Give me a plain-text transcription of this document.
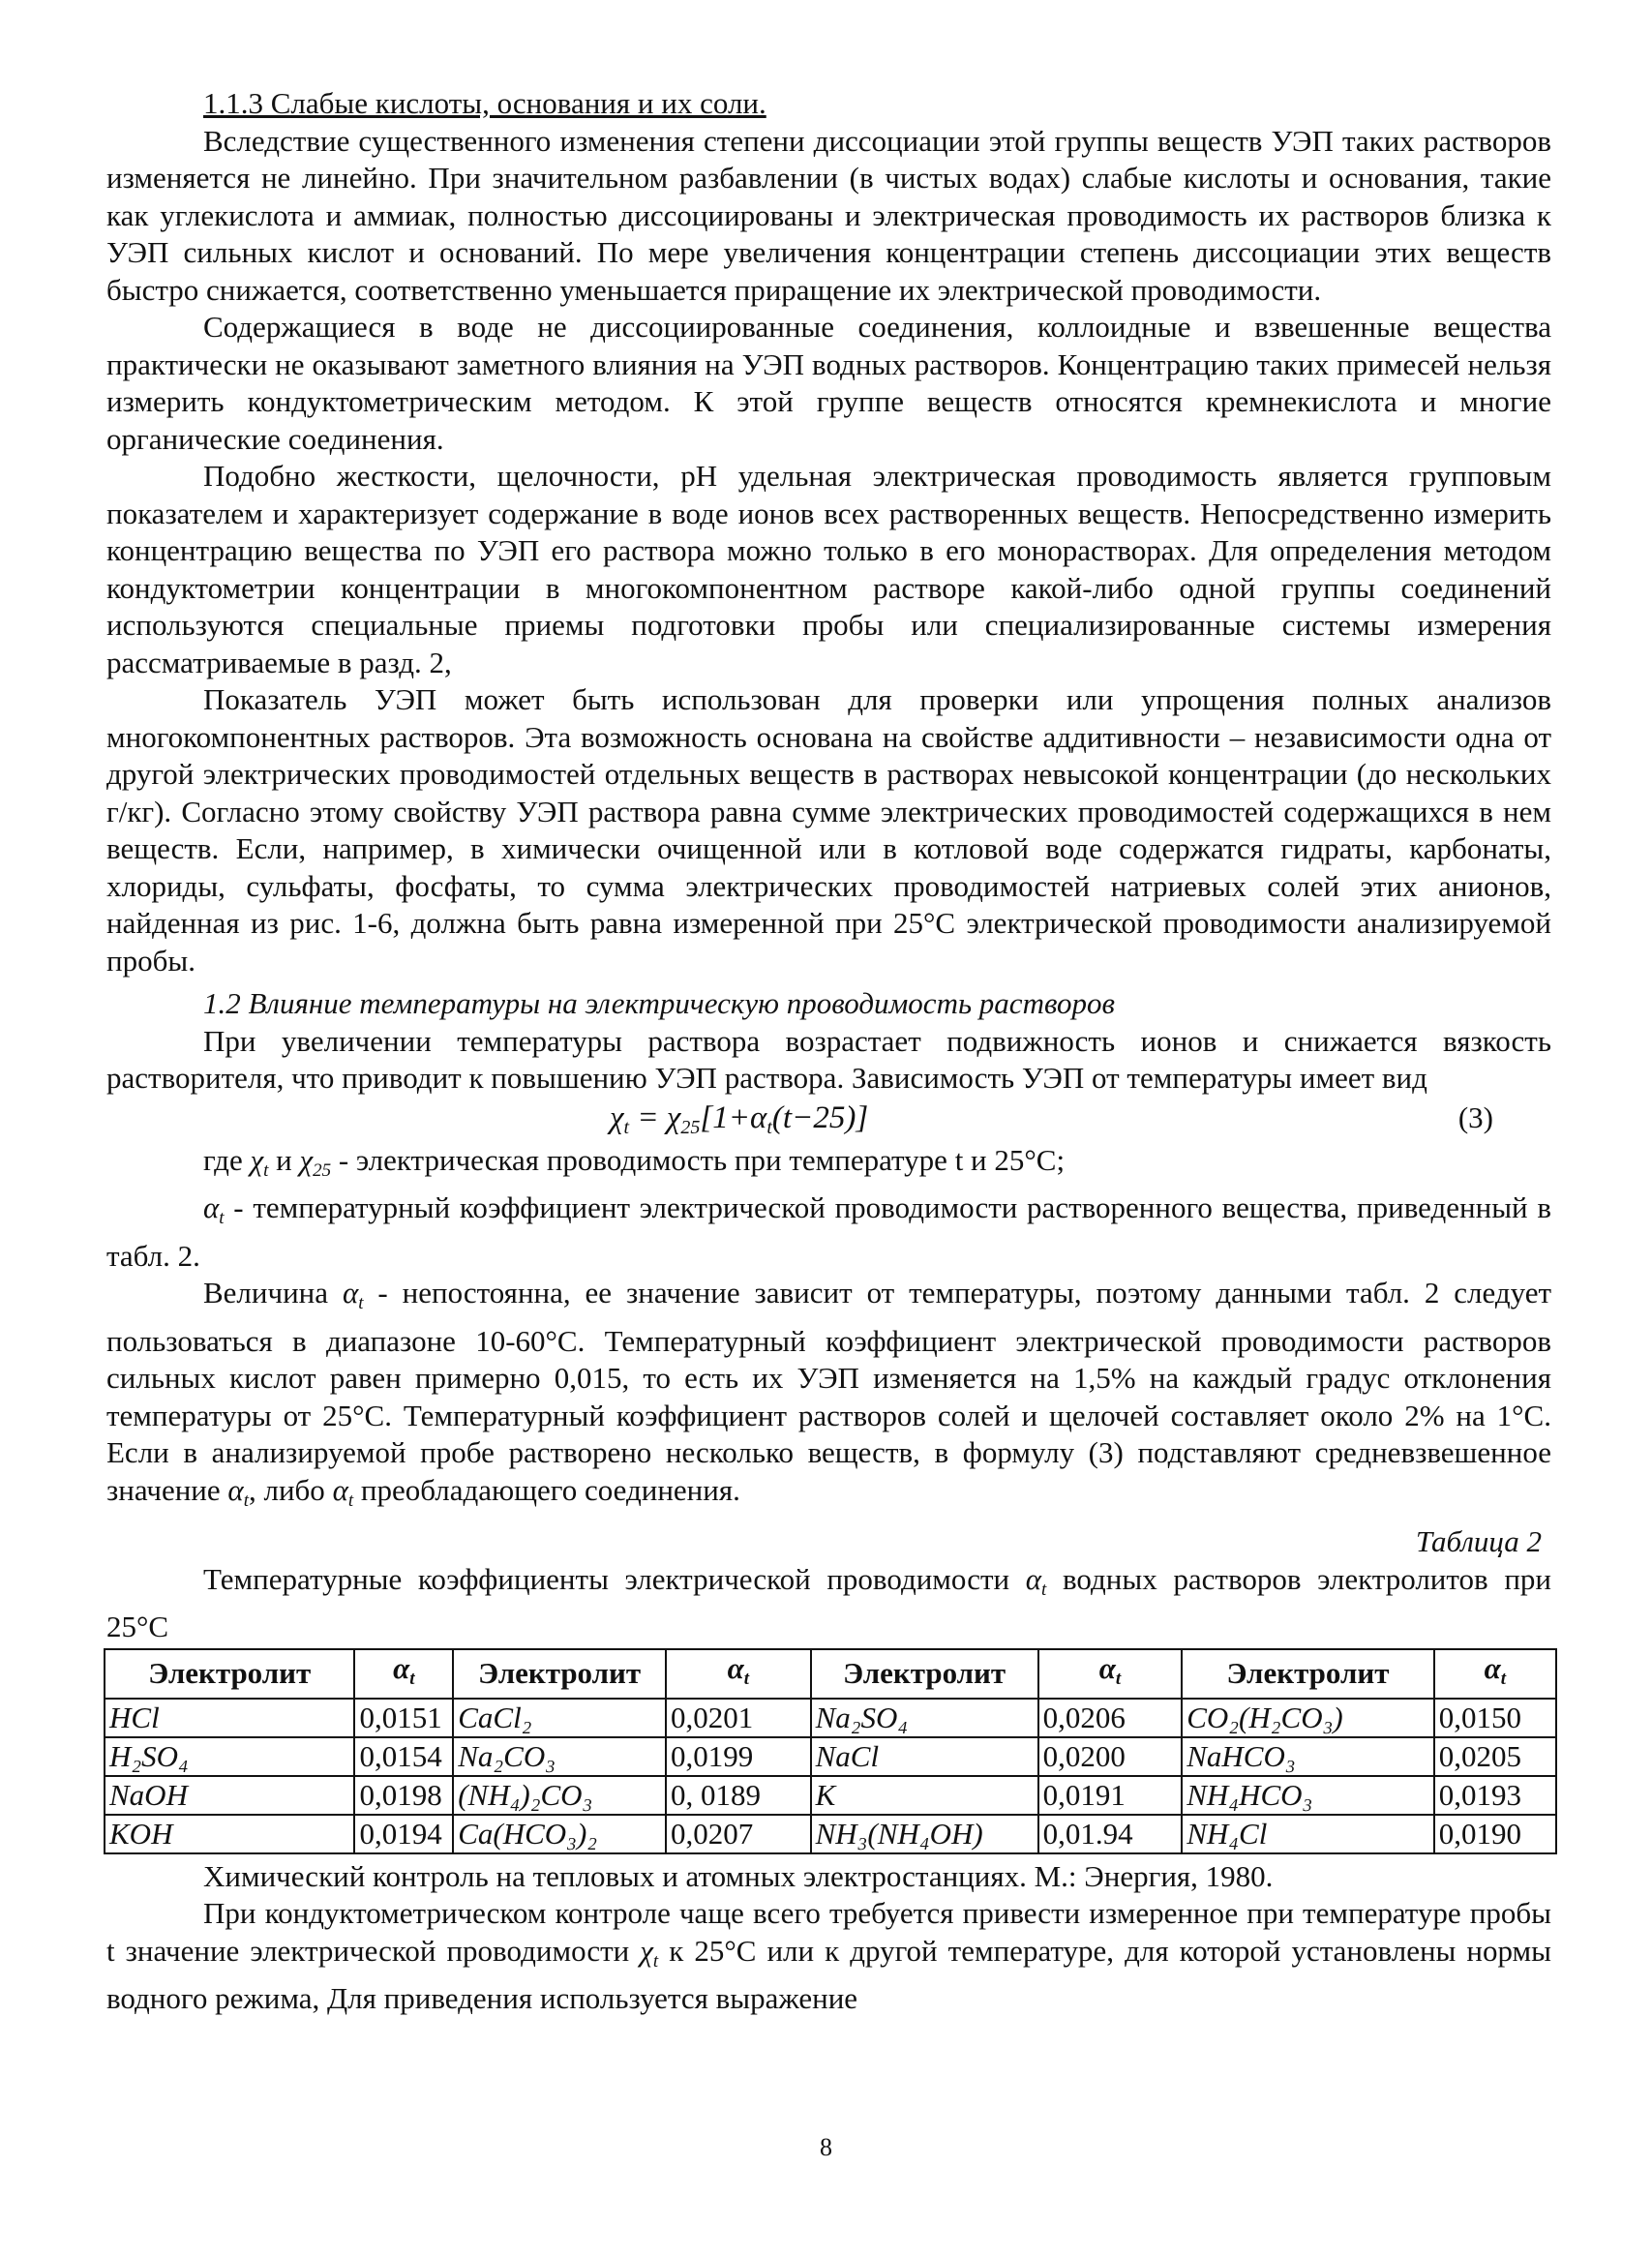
1.1.3 Слабые кислоты, основания и их соли.

Вследствие существенного изменения степени диссоциации этой группы веществ УЭП таких растворов изменяется не линейно. При значительном разбавлении (в чистых водах) слабые кислоты и основания, такие как углекислота и аммиак, полностью диссоциированы и электрическая проводимость их растворов близка к УЭП сильных кислот и оснований. По мере увеличения концентрации степень диссоциации этих веществ быстро снижается, соответственно уменьшается приращение их электрической проводимости.

Содержащиеся в воде не диссоциированные соединения, коллоидные и взвешенные вещества практически не оказывают заметного влияния на УЭП водных растворов. Концентрацию таких примесей нельзя измерить кондуктометрическим методом. К этой группе веществ относятся кремнекислота и многие органические соединения.

Подобно жесткости, щелочности, pH удельная электрическая проводимость является групповым показателем и характеризует содержание в воде ионов всех растворенных веществ. Непосредственно измерить концентрацию вещества по УЭП его раствора можно только в его монорастворах. Для определения методом кондуктометрии концентрации в многокомпонентном растворе какой-либо одной группы соединений используются специальные приемы подготовки пробы или специализированные системы измерения рассматриваемые в разд. 2,

Показатель УЭП может быть использован для проверки или упрощения полных анализов многокомпонентных растворов. Эта возможность основана на свойстве аддитивности – независимости одна от другой электрических проводимостей отдельных веществ в растворах невысокой концентрации (до нескольких г/кг). Согласно этому свойству УЭП раствора равна сумме электрических проводимостей содержащихся в нем веществ. Если, например, в химически очищенной или в котловой воде содержатся гидраты, карбонаты, хлориды, сульфаты, фосфаты, то сумма электрических проводимостей натриевых солей этих анионов, найденная из рис. 1-6, должна быть равна измеренной при 25°С электрической проводимости анализируемой пробы.

1.2 Влияние температуры на электрическую проводимость растворов

При увеличении температуры раствора возрастает подвижность ионов и снижается вязкость растворителя, что приводит к повышению УЭП раствора. Зависимость УЭП от температуры имеет вид

$\chi_t = \chi_{25}[1+\alpha_t(t-25)]$	(3)

где χt и χ25 - электрическая проводимость при температуре t и 25°С;

αt - температурный коэффициент электрической проводимости растворенного вещества, приведенный в табл. 2.

Величина αt - непостоянна, ее значение зависит от температуры, поэтому данными табл. 2 следует пользоваться в диапазоне 10-60°С. Температурный коэффициент электрической проводимости растворов сильных кислот равен примерно 0,015, то есть их УЭП изменяется на 1,5% на каждый градус отклонения температуры от 25°С. Температурный коэффициент растворов солей и щелочей составляет около 2% на 1°С. Если в анализируемой пробе растворено несколько веществ, в формулу (3) подставляют средневзвешенное значение αt, либо αt преобладающего соединения.

Таблица 2

Температурные коэффициенты электрической проводимости αt водных растворов электролитов при 25°С

Электролит	αt	Электролит	αt	Электролит	αt	Электролит	αt
HCl	0,0151	CaCl₂	0,0201	Na₂SO₄	0,0206	CO₂(H₂CO₃)	0,0150
H₂SO₄	0,0154	Na₂CO₃	0,0199	NaCl	0,0200	NaHCO₃	0,0205
NaOH	0,0198	(NH₄)₂CO₃	0, 0189	K	0,0191	NH₄HCO₃	0,0193
KOH	0,0194	Ca(HCO₃)₂	0,0207	NH₃(NH₄OH)	0,01.94	NH₄Cl	0,0190

Химический контроль на тепловых и атомных электростанциях. М.: Энергия, 1980.

При кондуктометрическом контроле чаще всего требуется привести измеренное при температуре пробы t значение электрической проводимости χt к 25°С или к другой температуре, для которой установлены нормы водного режима, Для приведения используется выражение

8
